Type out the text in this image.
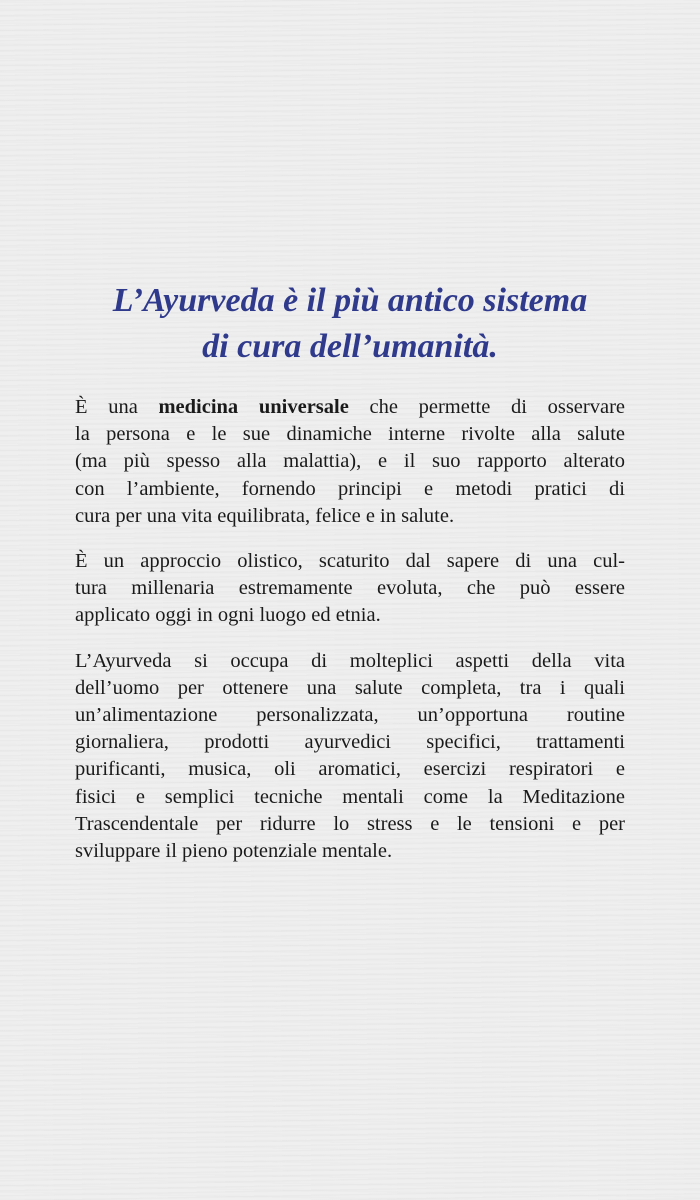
L’Ayurveda è il più antico sistema
di cura dell’umanità.
È una medicina universale che permette di osservare
la persona e le sue dinamiche interne rivolte alla salute
(ma più spesso alla malattia), e il suo rapporto alterato
con l’ambiente, fornendo principi e metodi pratici di
cura per una vita equilibrata, felice e in salute.
È un approccio olistico, scaturito dal sapere di una cul-
tura millenaria estremamente evoluta, che può essere
applicato oggi in ogni luogo ed etnia.
L’Ayurveda si occupa di molteplici aspetti della vita
dell’uomo per ottenere una salute completa, tra i quali
un’alimentazione personalizzata, un’opportuna routine
giornaliera, prodotti ayurvedici specifici, trattamenti
purificanti, musica, oli aromatici, esercizi respiratori e
fisici e semplici tecniche mentali come la Meditazione
Trascendentale per ridurre lo stress e le tensioni e per
sviluppare il pieno potenziale mentale.
